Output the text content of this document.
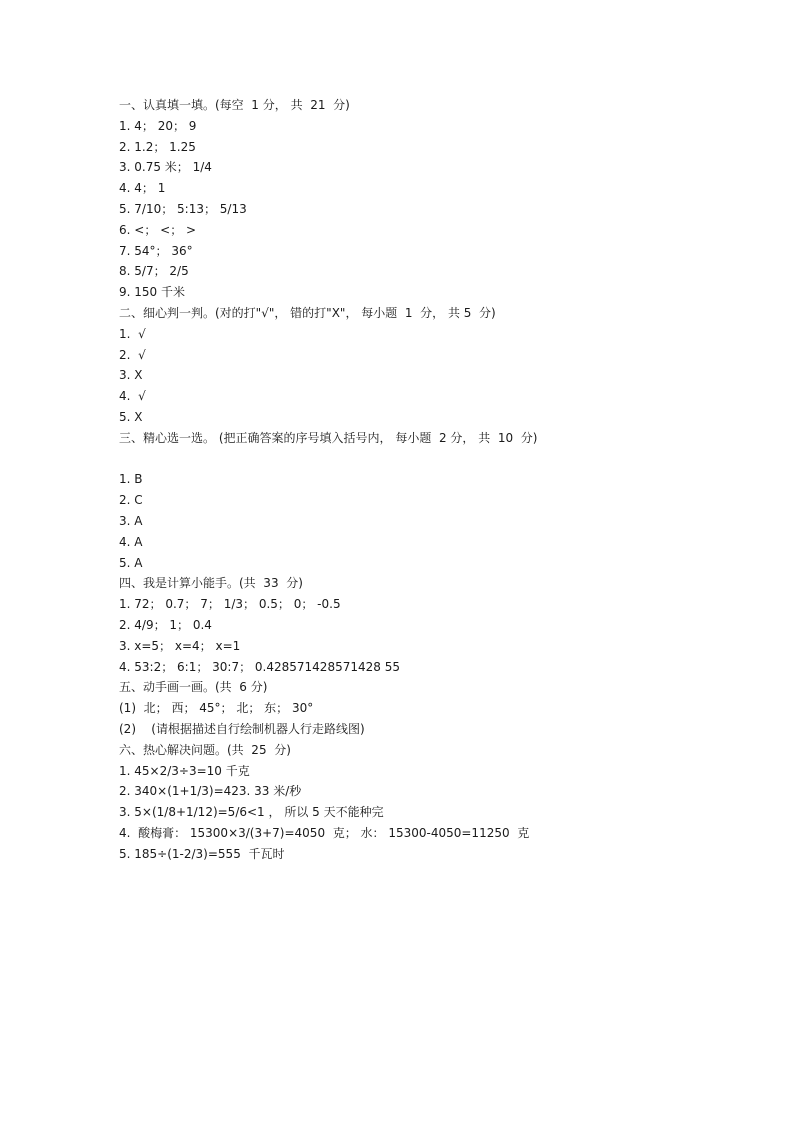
一、认真填一填。(每空  1 分， 共  21  分)
1. 4； 20； 9
2. 1.2； 1.25
3. 0.75 米； 1/4
4. 4； 1
5. 7/10； 5:13； 5/13
6. <； <； >
7. 54°； 36°
8. 5/7； 2/5
9. 150 千米
二、细心判一判。(对的打"√"， 错的打"X"， 每小题  1  分， 共 5  分)
1.  √
2.  √
3. X
4.  √
5. X
三、精心选一选。 (把正确答案的序号填入括号内， 每小题  2 分， 共  10  分)
1. B
2. C
3. A
4. A
5. A
四、我是计算小能手。(共  33  分)
1. 72； 0.7； 7； 1/3； 0.5； 0； -0.5
2. 4/9； 1； 0.4
3. x=5； x=4； x=1
4. 53:2； 6:1； 30:7； 0.428571428571428 55
五、动手画一画。(共  6 分)
(1)  北； 西； 45°； 北； 东； 30°
(2)    (请根据描述自行绘制机器人行走路线图)
六、热心解决问题。(共  25  分)
1. 45×2/3÷3=10 千克
2. 340×(1+1/3)=423. 33 米/秒
3. 5×(1/8+1/12)=5/6<1 ， 所以 5 天不能种完
4.  酸梅膏： 15300×3/(3+7)=4050  克； 水： 15300-4050=11250  克
5. 185÷(1-2/3)=555  千瓦时
